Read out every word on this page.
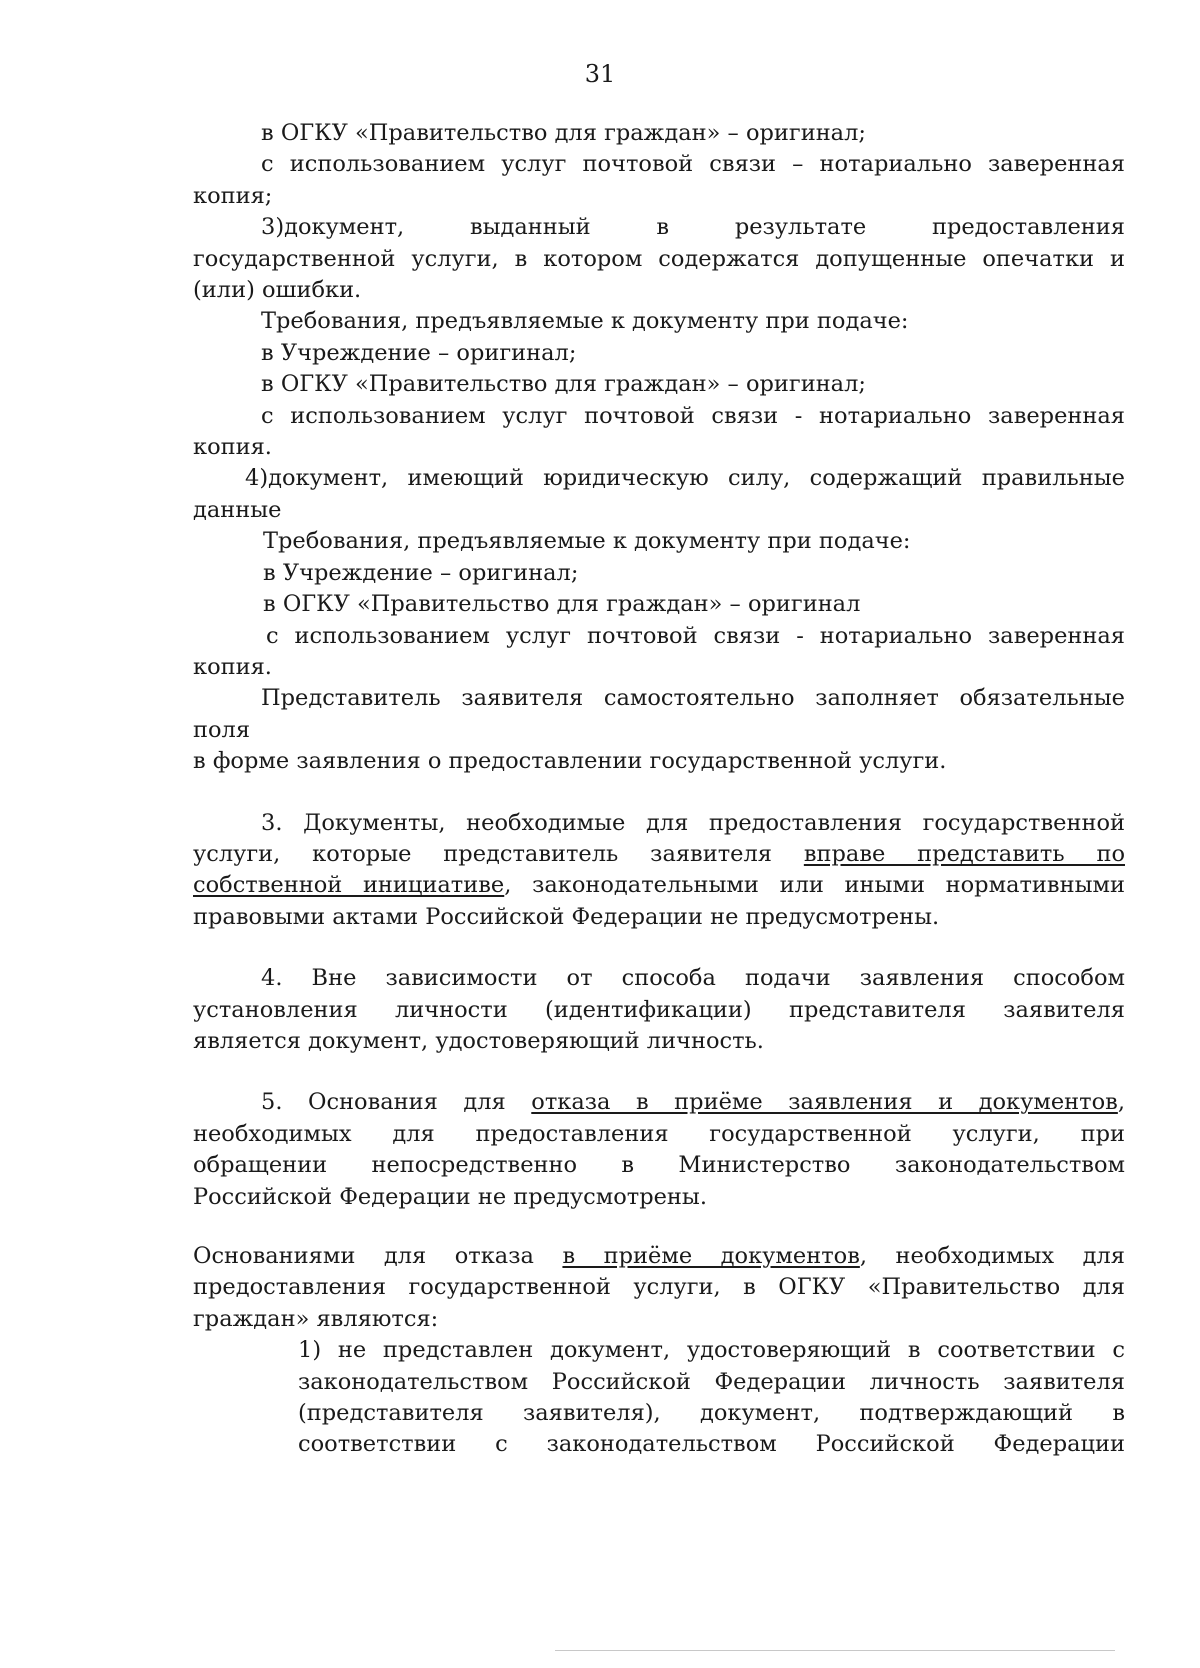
31
в ОГКУ «Правительство для граждан» – оригинал;
с использованием услуг почтовой связи – нотариально заверенная
копия;
3)документ, выданный в результате предоставления
государственной услуги, в котором содержатся допущенные опечатки и
(или) ошибки.
Требования, предъявляемые к документу при подаче:
в Учреждение – оригинал;
в ОГКУ «Правительство для граждан» – оригинал;
с использованием услуг почтовой связи - нотариально заверенная
копия.
4)документ, имеющий юридическую силу, содержащий правильные
данные
Требования, предъявляемые к документу при подаче:
в Учреждение – оригинал;
в ОГКУ «Правительство для граждан» – оригинал
с использованием услуг почтовой связи - нотариально заверенная
копия.
Представитель заявителя самостоятельно заполняет обязательные
поля
в форме заявления о предоставлении государственной услуги.
3. Документы, необходимые для предоставления государственной
услуги, которые представитель заявителя вправе представить по
собственной инициативе, законодательными или иными нормативными
правовыми актами Российской Федерации не предусмотрены.
4. Вне зависимости от способа подачи заявления способом
установления личности (идентификации) представителя заявителя
является документ, удостоверяющий личность.
5. Основания для отказа в приёме заявления и документов,
необходимых для предоставления государственной услуги, при
обращении непосредственно в Министерство законодательством
Российской Федерации не предусмотрены.
Основаниями для отказа в приёме документов, необходимых для
предоставления государственной услуги, в ОГКУ «Правительство для
граждан» являются:
1) не представлен документ, удостоверяющий в соответствии с
законодательством Российской Федерации личность заявителя
(представителя заявителя), документ, подтверждающий в
соответствии с законодательством Российской Федерации
